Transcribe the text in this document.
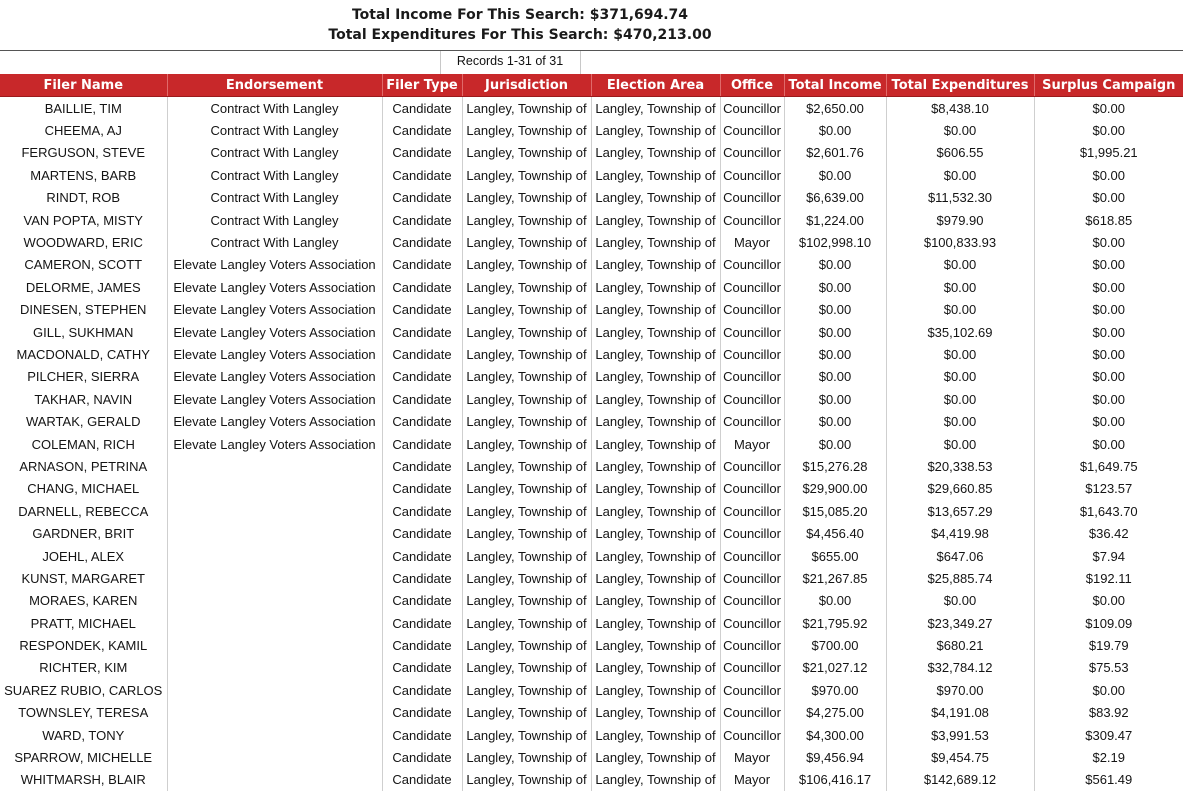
Total Income For This Search: $371,694.74
Total Expenditures For This Search: $470,213.00
Records 1-31 of 31
Filer Name	Endorsement	Filer Type	Jurisdiction	Election Area	Office	Total Income	Total Expenditures	Surplus Campaign
BAILLIE, TIM	Contract With Langley	Candidate	Langley, Township of	Langley, Township of	Councillor	$2,650.00	$8,438.10	$0.00
CHEEMA, AJ	Contract With Langley	Candidate	Langley, Township of	Langley, Township of	Councillor	$0.00	$0.00	$0.00
FERGUSON, STEVE	Contract With Langley	Candidate	Langley, Township of	Langley, Township of	Councillor	$2,601.76	$606.55	$1,995.21
MARTENS, BARB	Contract With Langley	Candidate	Langley, Township of	Langley, Township of	Councillor	$0.00	$0.00	$0.00
RINDT, ROB	Contract With Langley	Candidate	Langley, Township of	Langley, Township of	Councillor	$6,639.00	$11,532.30	$0.00
VAN POPTA, MISTY	Contract With Langley	Candidate	Langley, Township of	Langley, Township of	Councillor	$1,224.00	$979.90	$618.85
WOODWARD, ERIC	Contract With Langley	Candidate	Langley, Township of	Langley, Township of	Mayor	$102,998.10	$100,833.93	$0.00
CAMERON, SCOTT	Elevate Langley Voters Association	Candidate	Langley, Township of	Langley, Township of	Councillor	$0.00	$0.00	$0.00
DELORME, JAMES	Elevate Langley Voters Association	Candidate	Langley, Township of	Langley, Township of	Councillor	$0.00	$0.00	$0.00
DINESEN, STEPHEN	Elevate Langley Voters Association	Candidate	Langley, Township of	Langley, Township of	Councillor	$0.00	$0.00	$0.00
GILL, SUKHMAN	Elevate Langley Voters Association	Candidate	Langley, Township of	Langley, Township of	Councillor	$0.00	$35,102.69	$0.00
MACDONALD, CATHY	Elevate Langley Voters Association	Candidate	Langley, Township of	Langley, Township of	Councillor	$0.00	$0.00	$0.00
PILCHER, SIERRA	Elevate Langley Voters Association	Candidate	Langley, Township of	Langley, Township of	Councillor	$0.00	$0.00	$0.00
TAKHAR, NAVIN	Elevate Langley Voters Association	Candidate	Langley, Township of	Langley, Township of	Councillor	$0.00	$0.00	$0.00
WARTAK, GERALD	Elevate Langley Voters Association	Candidate	Langley, Township of	Langley, Township of	Councillor	$0.00	$0.00	$0.00
COLEMAN, RICH	Elevate Langley Voters Association	Candidate	Langley, Township of	Langley, Township of	Mayor	$0.00	$0.00	$0.00
ARNASON, PETRINA		Candidate	Langley, Township of	Langley, Township of	Councillor	$15,276.28	$20,338.53	$1,649.75
CHANG, MICHAEL		Candidate	Langley, Township of	Langley, Township of	Councillor	$29,900.00	$29,660.85	$123.57
DARNELL, REBECCA		Candidate	Langley, Township of	Langley, Township of	Councillor	$15,085.20	$13,657.29	$1,643.70
GARDNER, BRIT		Candidate	Langley, Township of	Langley, Township of	Councillor	$4,456.40	$4,419.98	$36.42
JOEHL, ALEX		Candidate	Langley, Township of	Langley, Township of	Councillor	$655.00	$647.06	$7.94
KUNST, MARGARET		Candidate	Langley, Township of	Langley, Township of	Councillor	$21,267.85	$25,885.74	$192.11
MORAES, KAREN		Candidate	Langley, Township of	Langley, Township of	Councillor	$0.00	$0.00	$0.00
PRATT, MICHAEL		Candidate	Langley, Township of	Langley, Township of	Councillor	$21,795.92	$23,349.27	$109.09
RESPONDEK, KAMIL		Candidate	Langley, Township of	Langley, Township of	Councillor	$700.00	$680.21	$19.79
RICHTER, KIM		Candidate	Langley, Township of	Langley, Township of	Councillor	$21,027.12	$32,784.12	$75.53
SUAREZ RUBIO, CARLOS		Candidate	Langley, Township of	Langley, Township of	Councillor	$970.00	$970.00	$0.00
TOWNSLEY, TERESA		Candidate	Langley, Township of	Langley, Township of	Councillor	$4,275.00	$4,191.08	$83.92
WARD, TONY		Candidate	Langley, Township of	Langley, Township of	Councillor	$4,300.00	$3,991.53	$309.47
SPARROW, MICHELLE		Candidate	Langley, Township of	Langley, Township of	Mayor	$9,456.94	$9,454.75	$2.19
WHITMARSH, BLAIR		Candidate	Langley, Township of	Langley, Township of	Mayor	$106,416.17	$142,689.12	$561.49
